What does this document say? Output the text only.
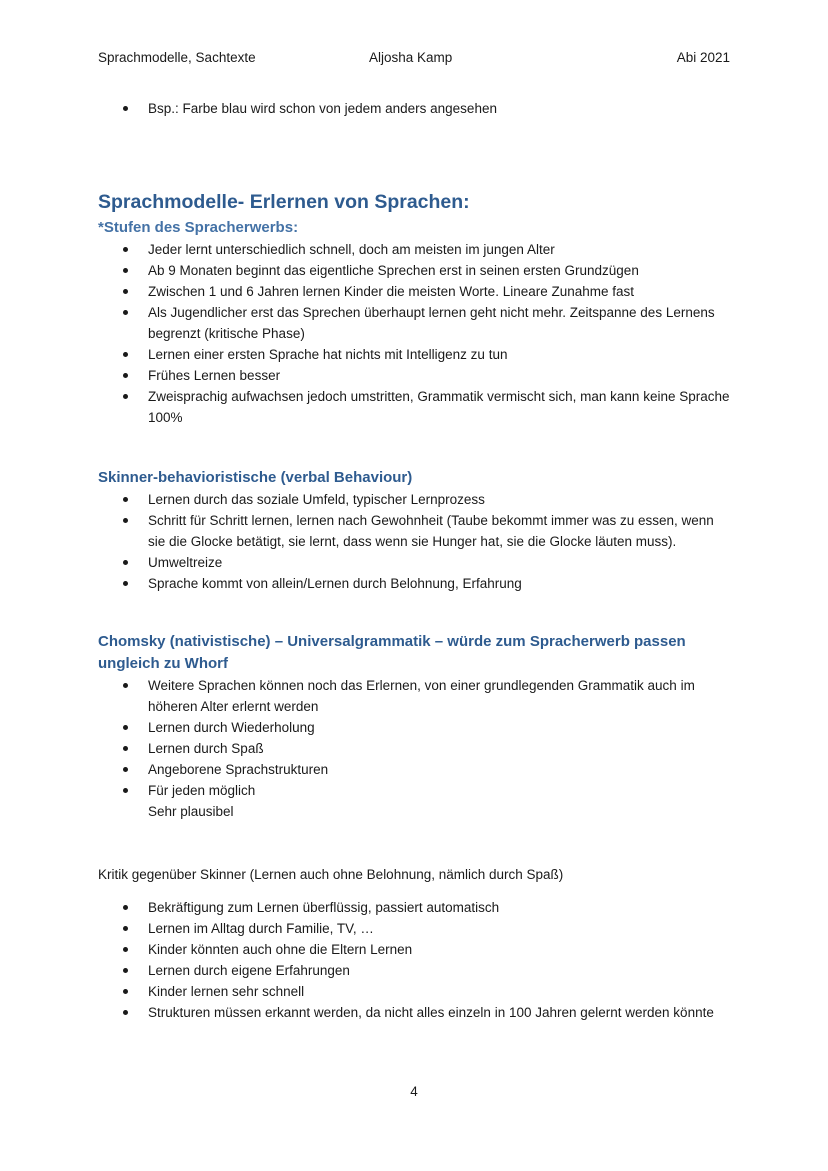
Sprachmodelle, Sachtexte	Aljosha Kamp	Abi 2021
Bsp.: Farbe blau wird schon von jedem anders angesehen
Sprachmodelle- Erlernen von Sprachen:
*Stufen des Spracherwerbs:
Jeder lernt unterschiedlich schnell, doch am meisten im jungen Alter
Ab 9 Monaten beginnt das eigentliche Sprechen erst in seinen ersten Grundzügen
Zwischen 1 und 6 Jahren lernen Kinder die meisten Worte. Lineare Zunahme fast
Als Jugendlicher erst das Sprechen überhaupt lernen geht nicht mehr. Zeitspanne des Lernens begrenzt (kritische Phase)
Lernen einer ersten Sprache hat nichts mit Intelligenz zu tun
Frühes Lernen besser
Zweisprachig aufwachsen jedoch umstritten, Grammatik vermischt sich, man kann keine Sprache 100%
Skinner-behavioristische (verbal Behaviour)
Lernen durch das soziale Umfeld, typischer Lernprozess
Schritt für Schritt lernen, lernen nach Gewohnheit (Taube bekommt immer was zu essen, wenn sie die Glocke betätigt, sie lernt, dass wenn sie Hunger hat, sie die Glocke läuten muss).
Umweltreize
Sprache kommt von allein/Lernen durch Belohnung, Erfahrung
Chomsky (nativistische) – Universalgrammatik – würde zum Spracherwerb passen ungleich zu Whorf
Weitere Sprachen können noch das Erlernen, von einer grundlegenden Grammatik auch im höheren Alter erlernt werden
Lernen durch Wiederholung
Lernen durch Spaß
Angeborene Sprachstrukturen
Für jeden möglich
Sehr plausibel

Kritik gegenüber Skinner (Lernen auch ohne Belohnung, nämlich durch Spaß)

Bekräftigung zum Lernen überflüssig, passiert automatisch
Lernen im Alltag durch Familie, TV, …
Kinder könnten auch ohne die Eltern Lernen
Lernen durch eigene Erfahrungen
Kinder lernen sehr schnell
Strukturen müssen erkannt werden, da nicht alles einzeln in 100 Jahren gelernt werden könnte
4
